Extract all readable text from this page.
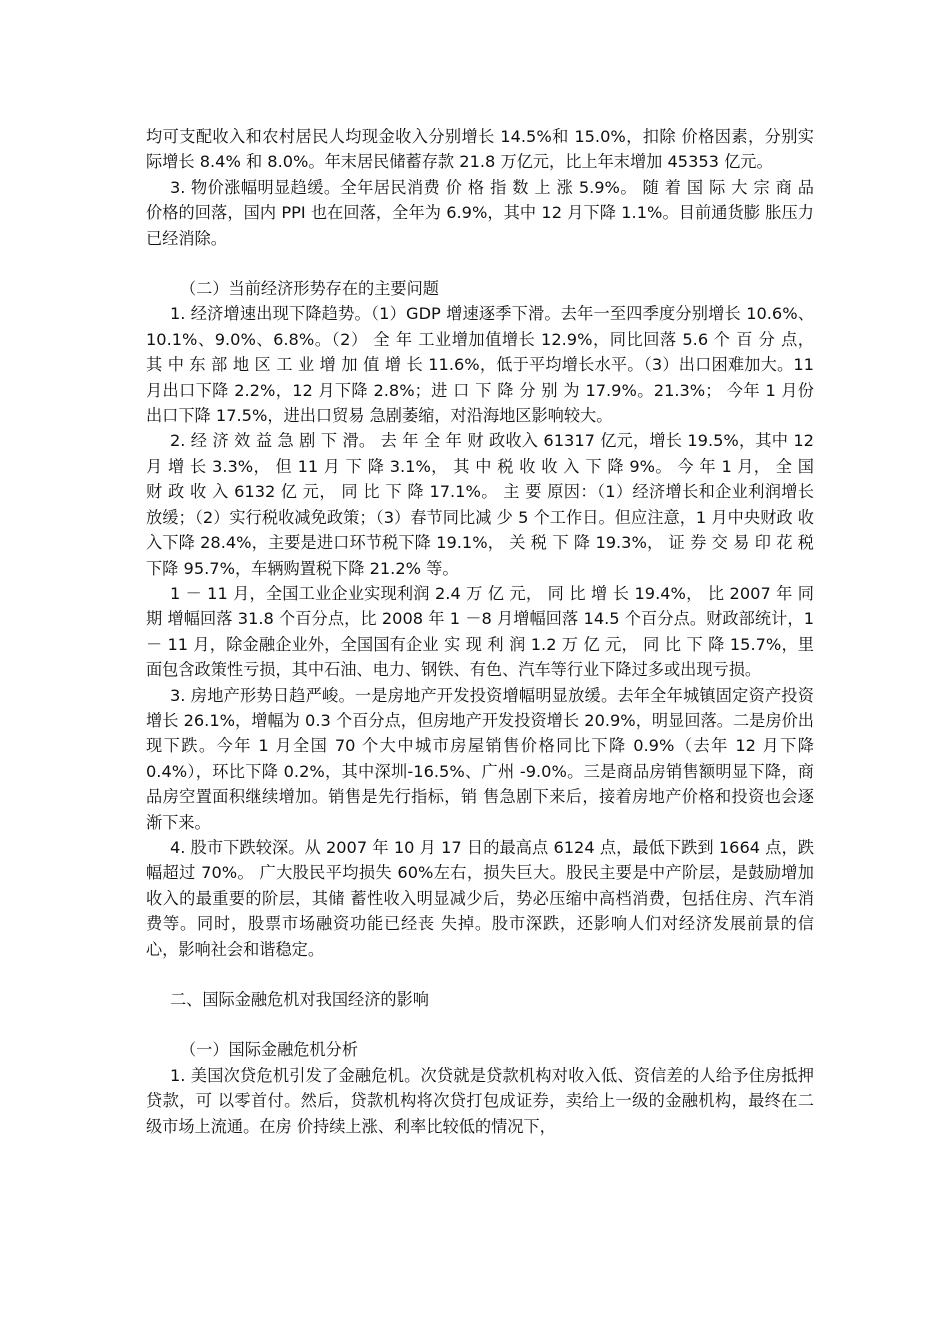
均可支配收入和农村居民人均现金收入分别增长 14.5%和 15.0%，扣除 价格因素，分别实际增长 8.4% 和 8.0%。年末居民储蓄存款 21.8 万亿元，比上年末增加 45353 亿元。

3. 物价涨幅明显趋缓。全年居民消费 价 格 指 数 上 涨 5.9%。 随 着 国 际 大 宗 商 品 价格的回落，国内 PPI 也在回落，全年为 6.9%，其中 12 月下降 1.1%。目前通货膨 胀压力已经消除。

（二）当前经济形势存在的主要问题

1. 经济增速出现下降趋势。（1）GDP 增速逐季下滑。去年一至四季度分别增长 10.6%、10.1%、9.0%、6.8%。（2） 全 年 工业增加值增长 12.9%，同比回落 5.6 个 百 分 点， 其 中 东 部 地 区 工 业 增 加 值 增 长 11.6%，低于平均增长水平。（3）出口困难加大。11 月出口下降 2.2%，12 月下降 2.8%；进 口 下 降 分 别 为 17.9%。21.3%； 今年 1 月份出口下降 17.5%，进出口贸易 急剧萎缩，对沿海地区影响较大。

2. 经 济 效 益 急 剧 下 滑。 去 年 全 年 财 政收入 61317 亿元，增长 19.5%，其中 12 月 增 长 3.3%， 但 11 月 下 降 3.1%， 其 中 税 收 收 入 下 降 9%。 今 年 1 月， 全 国 财 政 收 入 6132 亿 元， 同 比 下 降 17.1%。 主 要 原因：（1）经济增长和企业利润增长放缓；（2）实行税收减免政策；（3）春节同比减 少 5 个工作日。但应注意，1 月中央财政 收入下降 28.4%，主要是进口环节税下降 19.1%， 关 税 下 降 19.3%， 证 券 交 易 印 花 税下降 95.7%，车辆购置税下降 21.2% 等。

1 － 11 月，全国工业企业实现利润 2.4 万 亿 元， 同 比 增 长 19.4%， 比 2007 年 同 期 增幅回落 31.8 个百分点，比 2008 年 1 －8 月增幅回落 14.5 个百分点。财政部统计，1 － 11 月，除金融企业外，全国国有企业 实 现 利 润 1.2 万 亿 元， 同 比 下 降 15.7%，里面包含政策性亏损，其中石油、电力、钢铁、有色、汽车等行业下降过多或出现亏损。

3. 房地产形势日趋严峻。一是房地产开发投资增幅明显放缓。去年全年城镇固定资产投资增长 26.1%，增幅为 0.3 个百分点，但房地产开发投资增长 20.9%，明显回落。二是房价出现下跌。今年 1 月全国 70 个大中城市房屋销售价格同比下降 0.9%（去年 12 月下降 0.4%），环比下降 0.2%，其中深圳-16.5%、广州 -9.0%。三是商品房销售额明显下降，商品房空置面积继续增加。销售是先行指标，销 售急剧下来后，接着房地产价格和投资也会逐渐下来。

4. 股市下跌较深。从 2007 年 10 月 17 日的最高点 6124 点，最低下跌到 1664 点，跌幅超过 70%。 广大股民平均损失 60%左右，损失巨大。股民主要是中产阶层，是鼓励增加收入的最重要的阶层，其储 蓄性收入明显减少后，势必压缩中高档消费，包括住房、汽车消费等。同时，股票市场融资功能已经丧 失掉。股市深跌，还影响人们对经济发展前景的信心，影响社会和谐稳定。

二、国际金融危机对我国经济的影响

（一）国际金融危机分析

1. 美国次贷危机引发了金融危机。次贷就是贷款机构对收入低、资信差的人给予住房抵押贷款，可 以零首付。然后，贷款机构将次贷打包成证券，卖给上一级的金融机构，最终在二级市场上流通。在房 价持续上涨、利率比较低的情况下，
